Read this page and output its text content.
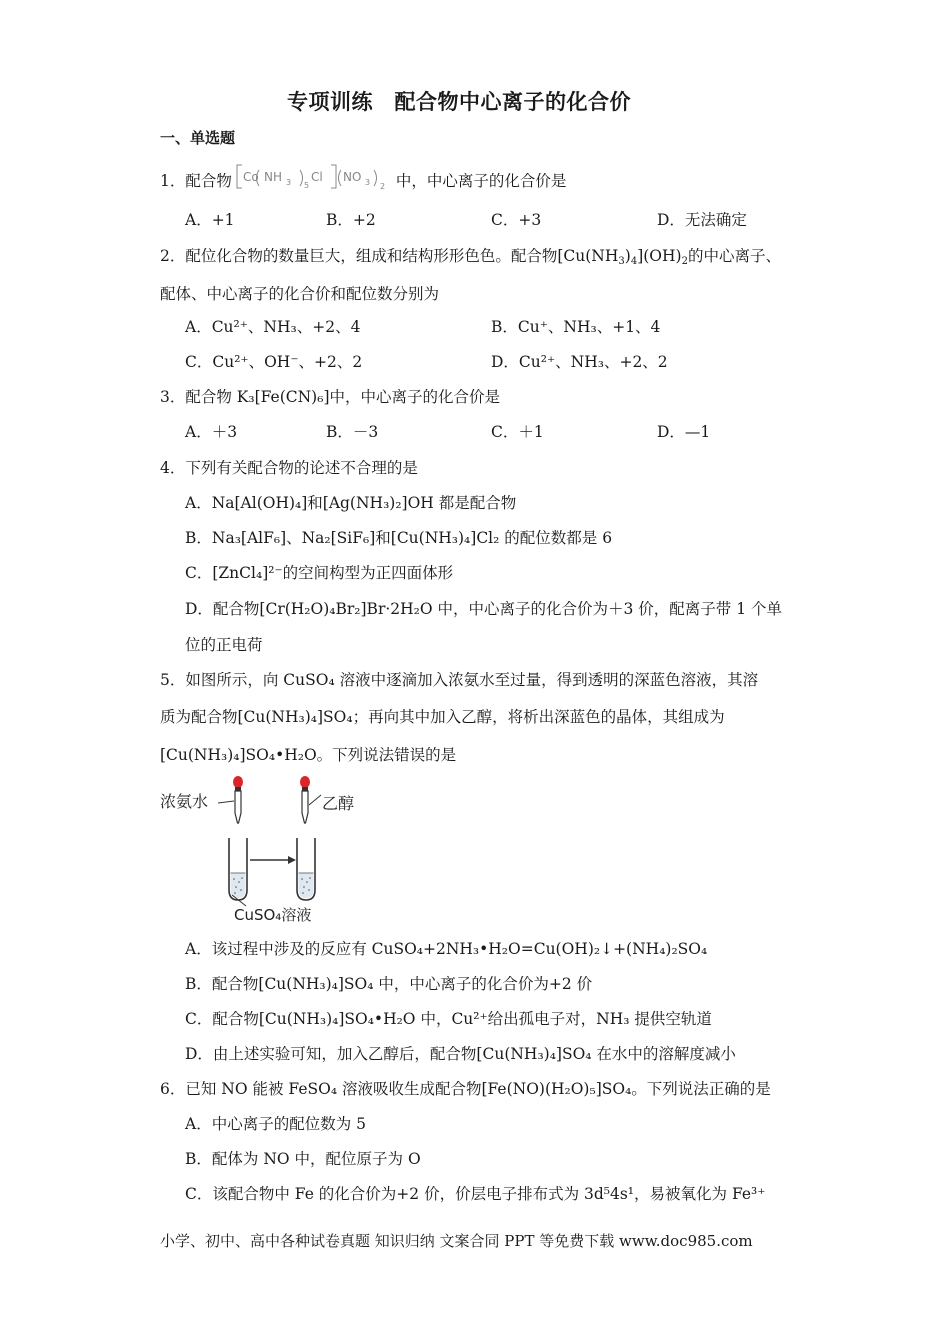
专项训练　配合物中心离子的化合价
一、单选题
1．配合物 Co NH 3 5
Cl NO 3 2 中，中心离子的化合价是
A．+1	B．+2	C．+3	D．无法确定
2．配位化合物的数量巨大，组成和结构形形色色。配合物$[Cu(NH_3)_4](OH)_2$的中心离子、
配体、中心离子的化合价和配位数分别为
A．Cu²⁺、NH₃、+2、4	B．Cu⁺、NH₃、+1、4
C．Cu²⁺、OH⁻、+2、2	D．Cu²⁺、NH₃、+2、2
3．配合物 K₃[Fe(CN)₆]中，中心离子的化合价是
A．＋3	B．－3	C．＋1	D．—1
4．下列有关配合物的论述不合理的是
A．Na[Al(OH)₄]和[Ag(NH₃)₂]OH 都是配合物
B．Na₃[AlF₆]、Na₂[SiF₆]和[Cu(NH₃)₄]Cl₂ 的配位数都是 6
C．[ZnCl₄]²⁻的空间构型为正四面体形
D．配合物[Cr(H₂O)₄Br₂]Br·2H₂O 中，中心离子的化合价为＋3 价，配离子带 1 个单
位的正电荷
5．如图所示，向 CuSO₄ 溶液中逐滴加入浓氨水至过量，得到透明的深蓝色溶液，其溶
质为配合物[Cu(NH₃)₄]SO₄；再向其中加入乙醇，将析出深蓝色的晶体，其组成为
[Cu(NH₃)₄]SO₄•H₂O。下列说法错误的是
浓氨水	乙醇
CuSO₄溶液
A．该过程中涉及的反应有 CuSO₄+2NH₃•H₂O=Cu(OH)₂↓+(NH₄)₂SO₄
B．配合物[Cu(NH₃)₄]SO₄ 中，中心离子的化合价为+2 价
C．配合物[Cu(NH₃)₄]SO₄•H₂O 中，Cu²⁺给出孤电子对，NH₃ 提供空轨道
D．由上述实验可知，加入乙醇后，配合物[Cu(NH₃)₄]SO₄ 在水中的溶解度减小
6．已知 NO 能被 FeSO₄ 溶液吸收生成配合物[Fe(NO)(H₂O)₅]SO₄。下列说法正确的是
A．中心离子的配位数为 5
B．配体为 NO 中，配位原子为 O
C．该配合物中 Fe 的化合价为+2 价，价层电子排布式为 3d⁵4s¹，易被氧化为 Fe³⁺
小学、初中、高中各种试卷真题 知识归纳 文案合同 PPT 等免费下载 www.doc985.com
